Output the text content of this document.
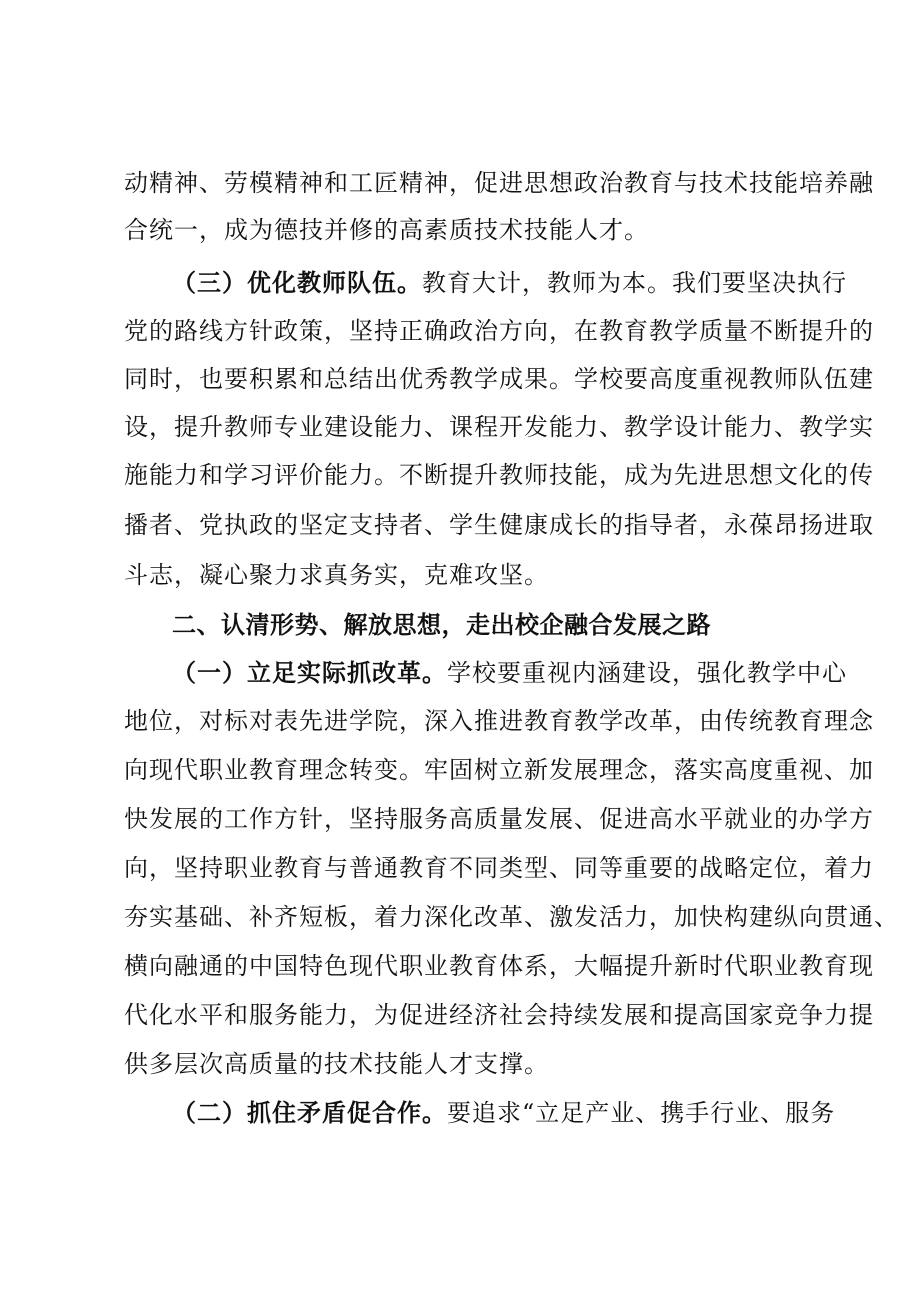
动精神、劳模精神和工匠精神，促进思想政治教育与技术技能培养融
合统一，成为德技并修的高素质技术技能人才。
（三）优化教师队伍。教育大计，教师为本。我们要坚决执行
党的路线方针政策，坚持正确政治方向，在教育教学质量不断提升的
同时，也要积累和总结出优秀教学成果。学校要高度重视教师队伍建
设，提升教师专业建设能力、课程开发能力、教学设计能力、教学实
施能力和学习评价能力。不断提升教师技能，成为先进思想文化的传
播者、党执政的坚定支持者、学生健康成长的指导者，永葆昂扬进取
斗志，凝心聚力求真务实，克难攻坚。
二、认清形势、解放思想，走出校企融合发展之路
（一）立足实际抓改革。学校要重视内涵建设，强化教学中心
地位，对标对表先进学院，深入推进教育教学改革，由传统教育理念
向现代职业教育理念转变。牢固树立新发展理念，落实高度重视、加
快发展的工作方针，坚持服务高质量发展、促进高水平就业的办学方
向，坚持职业教育与普通教育不同类型、同等重要的战略定位，着力
夯实基础、补齐短板，着力深化改革、激发活力，加快构建纵向贯通、
横向融通的中国特色现代职业教育体系，大幅提升新时代职业教育现
代化水平和服务能力，为促进经济社会持续发展和提高国家竞争力提
供多层次高质量的技术技能人才支撑。
（二）抓住矛盾促合作。要追求“立足产业、携手行业、服务
